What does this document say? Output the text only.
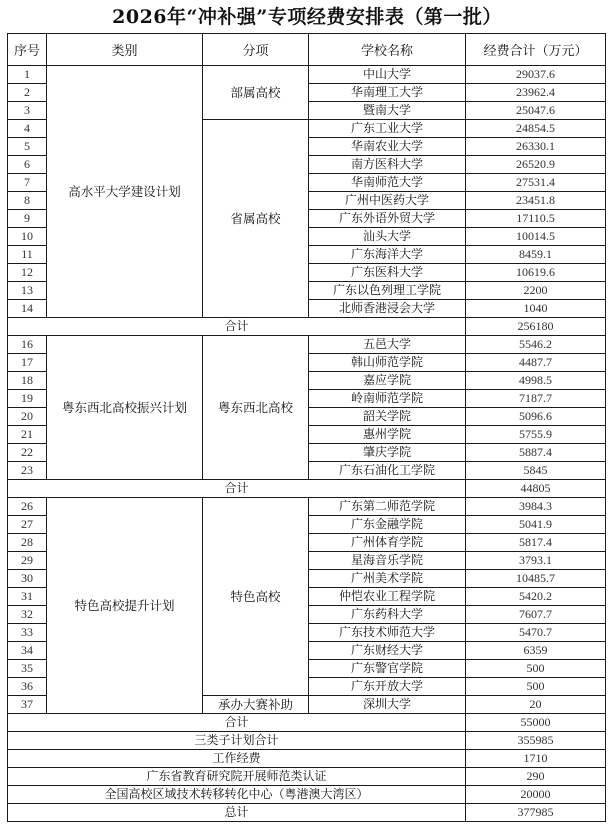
2026年“冲补强”专项经费安排表（第一批）
序号	类别	分项	学校名称	经费合计（万元）
1	高水平大学建设计划	部属高校	中山大学	29037.6
2			华南理工大学	23962.4
3			暨南大学	25047.6
4		省属高校	广东工业大学	24854.5
5			华南农业大学	26330.1
6			南方医科大学	26520.9
7			华南师范大学	27531.4
8			广州中医药大学	23451.8
9			广东外语外贸大学	17110.5
10			汕头大学	10014.5
11			广东海洋大学	8459.1
12			广东医科大学	10619.6
13			广东以色列理工学院	2200
14			北师香港浸会大学	1040
合计				256180
16	粤东西北高校振兴计划	粤东西北高校	五邑大学	5546.2
17			韩山师范学院	4487.7
18			嘉应学院	4998.5
19			岭南师范学院	7187.7
20			韶关学院	5096.6
21			惠州学院	5755.9
22			肇庆学院	5887.4
23			广东石油化工学院	5845
合计				44805
26	特色高校提升计划	特色高校	广东第二师范学院	3984.3
27			广东金融学院	5041.9
28			广州体育学院	5817.4
29			星海音乐学院	3793.1
30			广州美术学院	10485.7
31			仲恺农业工程学院	5420.2
32			广东药科大学	7607.7
33			广东技术师范大学	5470.7
34			广东财经大学	6359
35			广东警官学院	500
36			广东开放大学	500
37		承办大赛补助	深圳大学	20
合计				55000
三类子计划合计				355985
工作经费				1710
广东省教育研究院开展师范类认证				290
全国高校区域技术转移转化中心（粤港澳大湾区）				20000
总计				377985
